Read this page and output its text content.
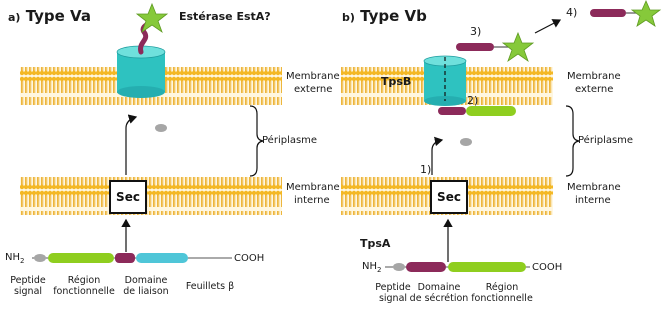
Sec	Sec
a) Type Va	Estérase EstA?
Membrane
externe
Périplasme
Membrane
interne
$NH_2$	COOH
Peptide
signal
Région
fonctionnelle
Domaine
de liaison	Feuillets β
b) Type Vb
TpsB
TpsA
1)
2)
3)
4)
Membrane
externe
Périplasme
Membrane
interne
$NH_2$	COOH
Peptide
signal
Domaine
de sécrétion
Région
fonctionnelle
